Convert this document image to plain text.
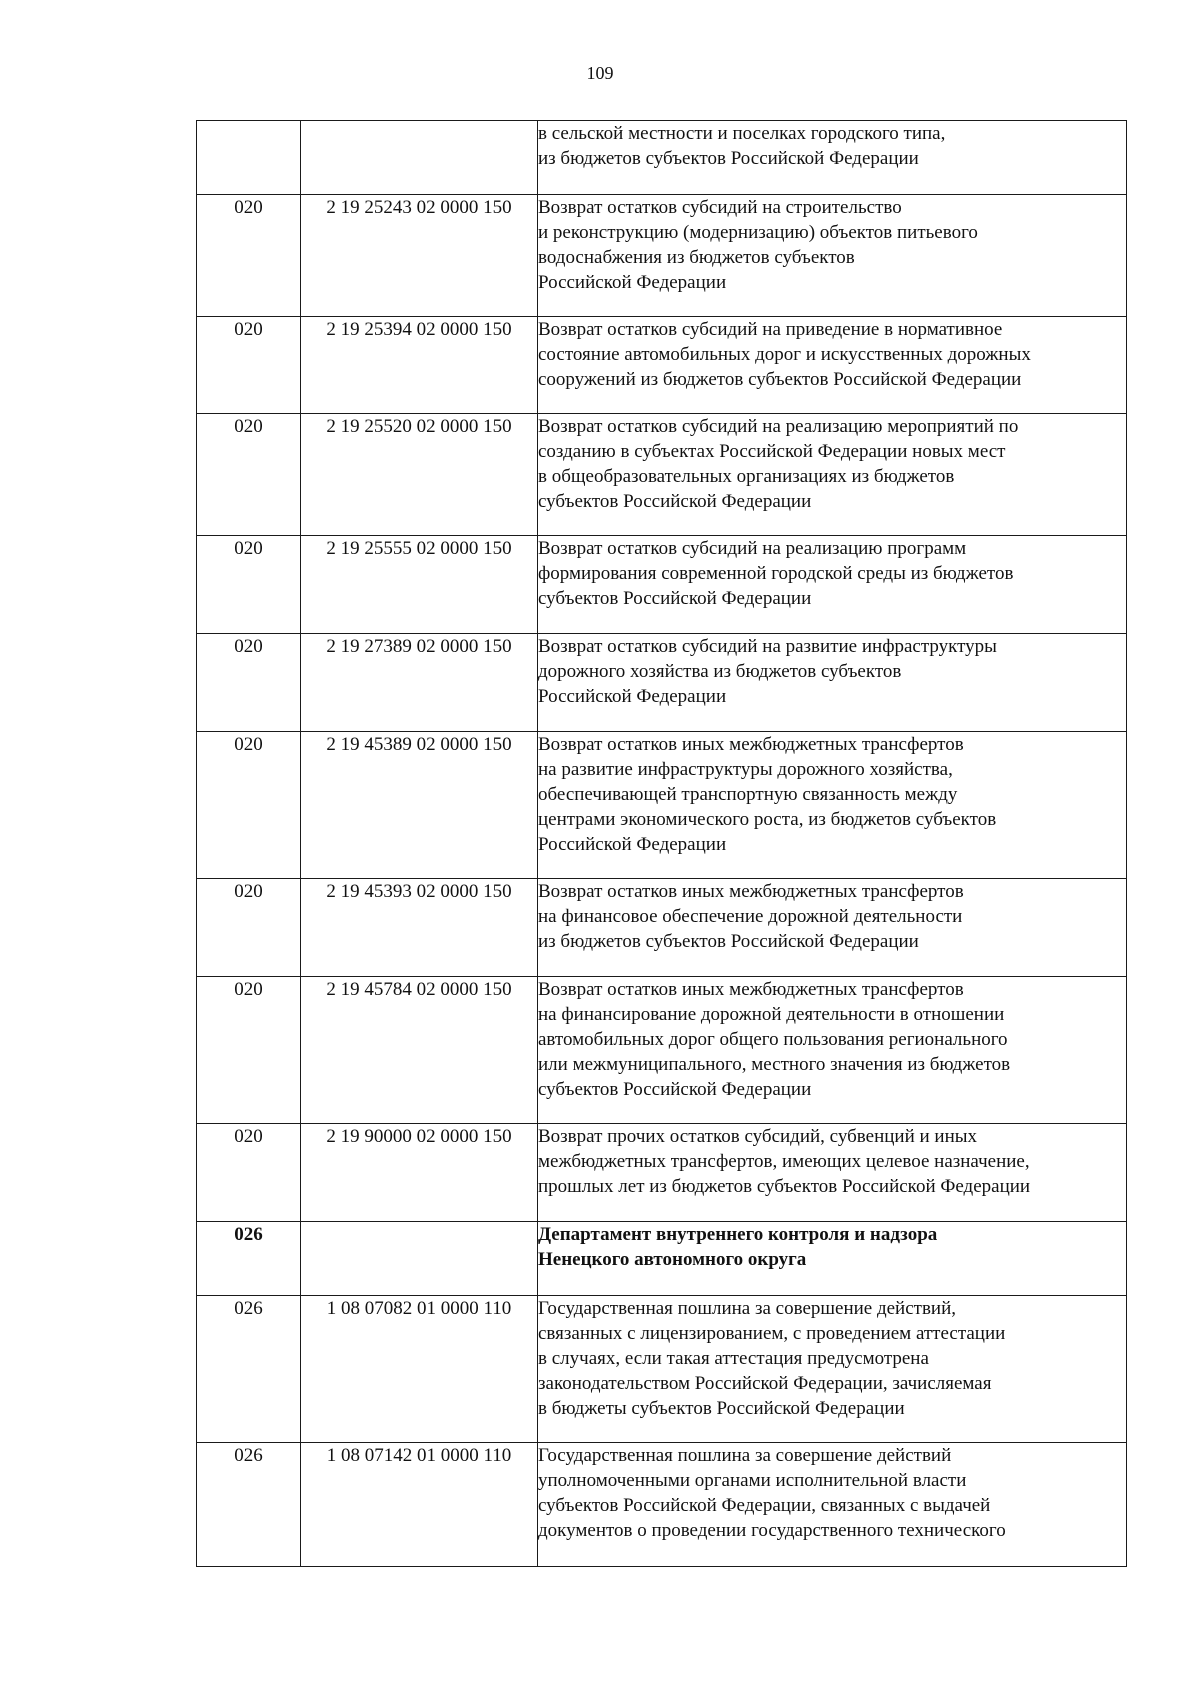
109

		в сельской местности и поселках городского типа,
из бюджетов субъектов Российской Федерации

020	2 19 25243 02 0000 150	Возврат остатков субсидий на строительство
и реконструкцию (модернизацию) объектов питьевого
водоснабжения из бюджетов субъектов
Российской Федерации

020	2 19 25394 02 0000 150	Возврат остатков субсидий на приведение в нормативное
состояние автомобильных дорог и искусственных дорожных
сооружений из бюджетов субъектов Российской Федерации

020	2 19 25520 02 0000 150	Возврат остатков субсидий на реализацию мероприятий по
созданию в субъектах Российской Федерации новых мест
в общеобразовательных организациях из бюджетов
субъектов Российской Федерации

020	2 19 25555 02 0000 150	Возврат остатков субсидий на реализацию программ
формирования современной городской среды из бюджетов
субъектов Российской Федерации

020	2 19 27389 02 0000 150	Возврат остатков субсидий на развитие инфраструктуры
дорожного хозяйства из бюджетов субъектов
Российской Федерации

020	2 19 45389 02 0000 150	Возврат остатков иных межбюджетных трансфертов
на развитие инфраструктуры дорожного хозяйства,
обеспечивающей транспортную связанность между
центрами экономического роста, из бюджетов субъектов
Российской Федерации

020	2 19 45393 02 0000 150	Возврат остатков иных межбюджетных трансфертов
на финансовое обеспечение дорожной деятельности
из бюджетов субъектов Российской Федерации

020	2 19 45784 02 0000 150	Возврат остатков иных межбюджетных трансфертов
на финансирование дорожной деятельности в отношении
автомобильных дорог общего пользования регионального
или межмуниципального, местного значения из бюджетов
субъектов Российской Федерации

020	2 19 90000 02 0000 150	Возврат прочих остатков субсидий, субвенций и иных
межбюджетных трансфертов, имеющих целевое назначение,
прошлых лет из бюджетов субъектов Российской Федерации

026		Департамент внутреннего контроля и надзора
Ненецкого автономного округа

026	1 08 07082 01 0000 110	Государственная пошлина за совершение действий,
связанных с лицензированием, с проведением аттестации
в случаях, если такая аттестация предусмотрена
законодательством Российской Федерации, зачисляемая
в бюджеты субъектов Российской Федерации

026	1 08 07142 01 0000 110	Государственная пошлина за совершение действий
уполномоченными органами исполнительной власти
субъектов Российской Федерации, связанных с выдачей
документов о проведении государственного технического
